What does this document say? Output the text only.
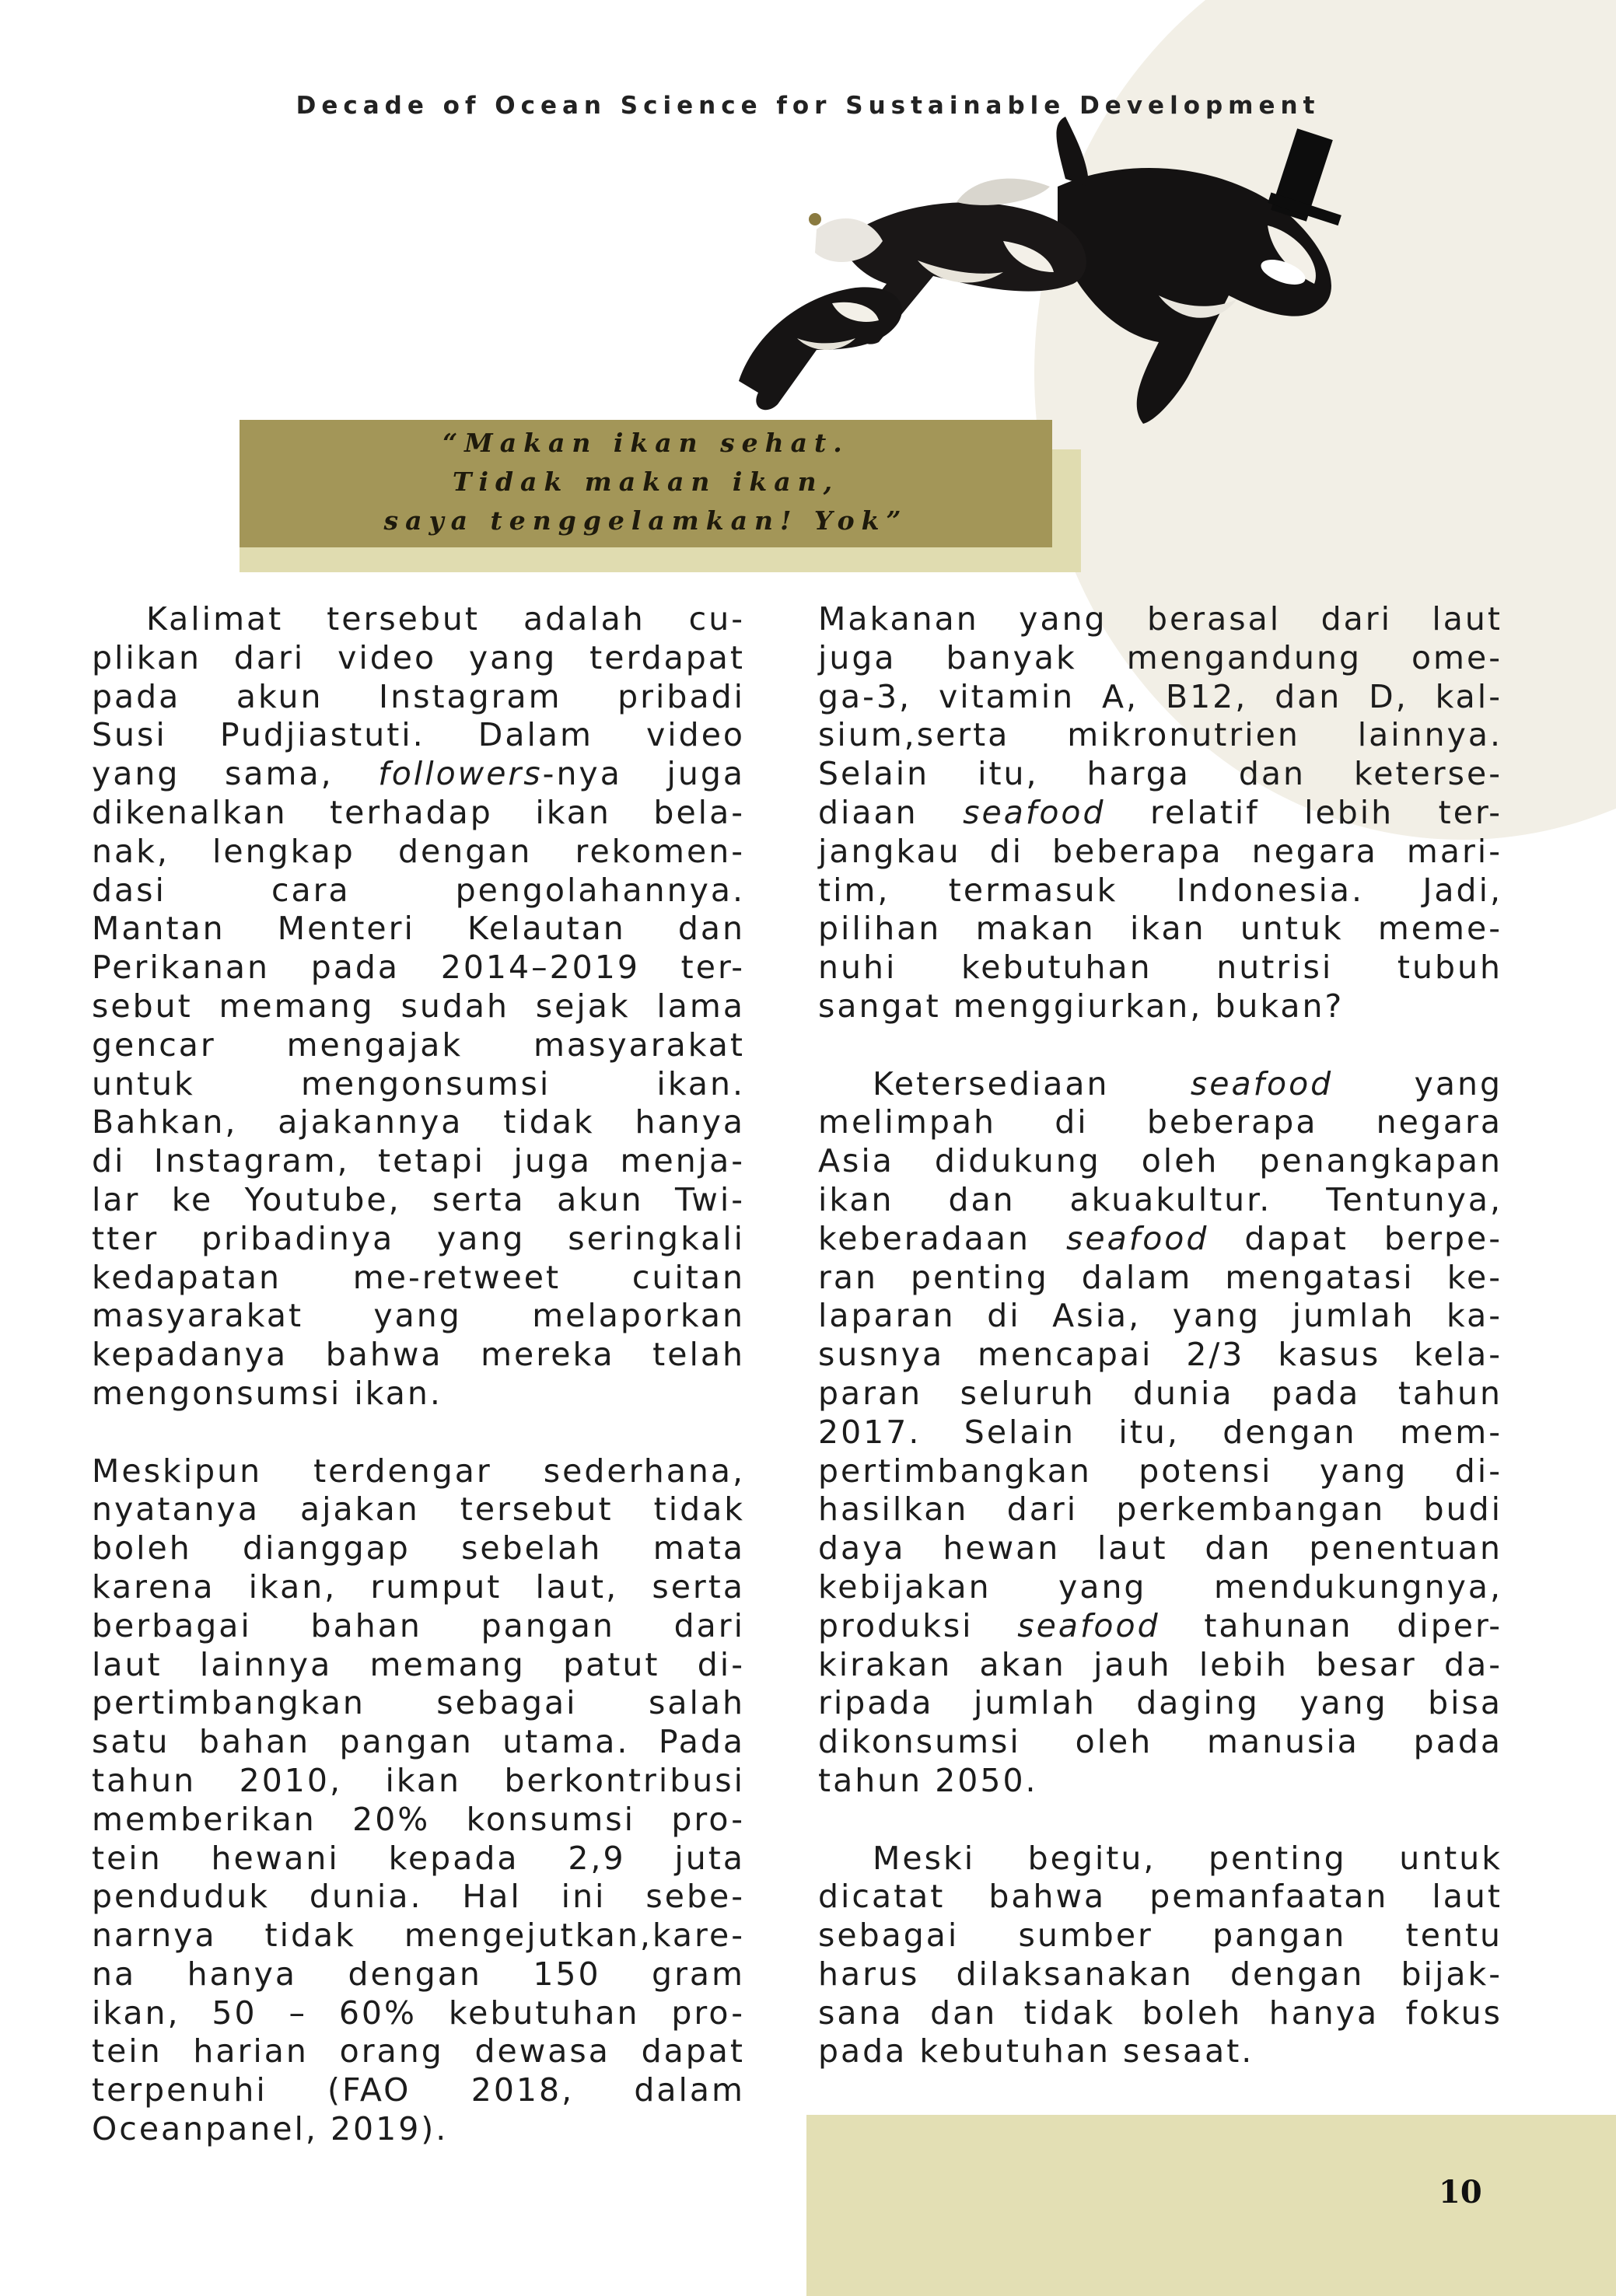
Decade of Ocean Science for Sustainable Development
“Makan ikan sehat.
Tidak makan ikan,
saya tenggelamkan! Yok”
Kalimat tersebut adalah cu-
plikan dari video yang terdapat
pada akun Instagram pribadi
Susi Pudjiastuti. Dalam video
yang sama, followers-nya juga
dikenalkan terhadap ikan bela-
nak, lengkap dengan rekomen-
dasi cara pengolahannya.
Mantan Menteri Kelautan dan
Perikanan pada 2014–2019 ter-
sebut memang sudah sejak lama
gencar mengajak masyarakat
untuk mengonsumsi ikan.
Bahkan, ajakannya tidak hanya
di Instagram, tetapi juga menja-
lar ke Youtube, serta akun Twi-
tter pribadinya yang seringkali
kedapatan me-retweet cuitan
masyarakat yang melaporkan
kepadanya bahwa mereka telah
mengonsumsi ikan.
Meskipun terdengar sederhana,
nyatanya ajakan tersebut tidak
boleh dianggap sebelah mata
karena ikan, rumput laut, serta
berbagai bahan pangan dari
laut lainnya memang patut di-
pertimbangkan sebagai salah
satu bahan pangan utama. Pada
tahun 2010, ikan berkontribusi
memberikan 20% konsumsi pro-
tein hewani kepada 2,9 juta
penduduk dunia. Hal ini sebe-
narnya tidak mengejutkan,kare-
na hanya dengan 150 gram
ikan, 50 – 60% kebutuhan pro-
tein harian orang dewasa dapat
terpenuhi (FAO 2018, dalam
Oceanpanel, 2019).
Makanan yang berasal dari laut
juga banyak mengandung ome-
ga-3, vitamin A, B12, dan D, kal-
sium,serta mikronutrien lainnya.
Selain itu, harga dan keterse-
diaan seafood relatif lebih ter-
jangkau di beberapa negara mari-
tim, termasuk Indonesia. Jadi,
pilihan makan ikan untuk meme-
nuhi kebutuhan nutrisi tubuh
sangat menggiurkan, bukan?
Ketersediaan seafood yang
melimpah di beberapa negara
Asia didukung oleh penangkapan
ikan dan akuakultur. Tentunya,
keberadaan seafood dapat berpe-
ran penting dalam mengatasi ke-
laparan di Asia, yang jumlah ka-
susnya mencapai 2/3 kasus kela-
paran seluruh dunia pada tahun
2017. Selain itu, dengan mem-
pertimbangkan potensi yang di-
hasilkan dari perkembangan budi
daya hewan laut dan penentuan
kebijakan yang mendukungnya,
produksi seafood tahunan diper-
kirakan akan jauh lebih besar da-
ripada jumlah daging yang bisa
dikonsumsi oleh manusia pada
tahun 2050.
Meski begitu, penting untuk
dicatat bahwa pemanfaatan laut
sebagai sumber pangan tentu
harus dilaksanakan dengan bijak-
sana dan tidak boleh hanya fokus
pada kebutuhan sesaat.
10
